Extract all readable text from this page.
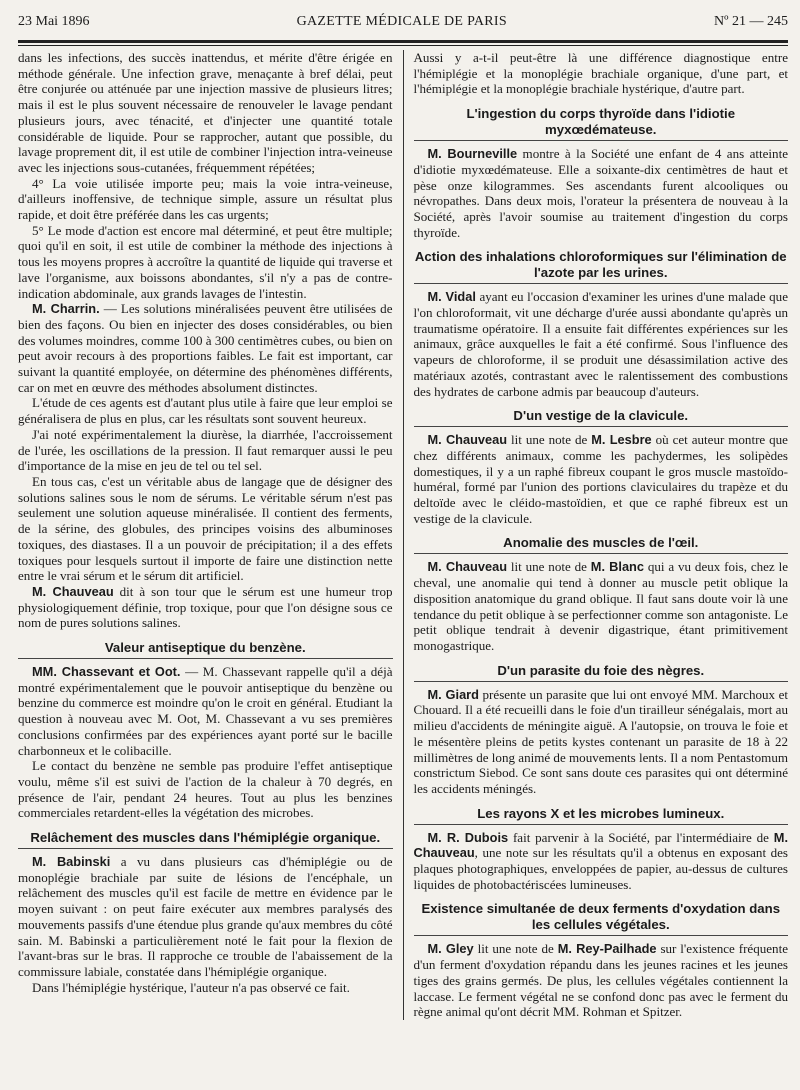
23 Mai 1896	GAZETTE MÉDICALE DE PARIS	Nº 21 — 245

dans les infections, des succès inattendus, et mérite d'être érigée en méthode générale. Une infection grave, menaçante à bref délai, peut être conjurée ou atténuée par une injection massive de plusieurs litres; mais il est le plus souvent nécessaire de renouveler le lavage pendant plusieurs jours, avec ténacité, et d'injecter une quantité totale considérable de liquide. Pour se rapprocher, autant que possible, du lavage proprement dit, il est utile de combiner l'injection intra-veineuse avec les injections sous-cutanées, fréquemment répétées;

4° La voie utilisée importe peu; mais la voie intra-veineuse, d'ailleurs inoffensive, de technique simple, assure un résultat plus rapide, et doit être préférée dans les cas urgents;

5° Le mode d'action est encore mal déterminé, et peut être multiple; quoi qu'il en soit, il est utile de combiner la méthode des injections à tous les moyens propres à accroître la quantité de liquide qui traverse et lave l'organisme, aux boissons abondantes, s'il n'y a pas de contre-indication abdominale, aux grands lavages de l'intestin.

M. Charrin. — Les solutions minéralisées peuvent être utilisées de bien des façons. Ou bien en injecter des doses considérables, ou bien des volumes moindres, comme 100 à 300 centimètres cubes, ou bien on peut avoir recours à des proportions faibles. Le fait est important, car suivant la quantité employée, on détermine des phénomènes différents, car on met en œuvre des méthodes absolument distinctes.

L'étude de ces agents est d'autant plus utile à faire que leur emploi se généralisera de plus en plus, car les résultats sont souvent heureux.

J'ai noté expérimentalement la diurèse, la diarrhée, l'accroissement de l'urée, les oscillations de la pression. Il faut remarquer aussi le peu d'importance de la mise en jeu de tel ou tel sel.

En tous cas, c'est un véritable abus de langage que de désigner des solutions salines sous le nom de sérums. Le véritable sérum n'est pas seulement une solution aqueuse minéralisée. Il contient des ferments, de la sérine, des globules, des principes voisins des albuminoses toxiques, des diastases. Il a un pouvoir de précipitation; il a des effets toxiques pour lesquels surtout il importe de faire une distinction nette entre le vrai sérum et le sérum dit artificiel.

M. Chauveau dit à son tour que le sérum est une humeur trop physiologiquement définie, trop toxique, pour que l'on désigne sous ce nom de pures solutions salines.

Valeur antiseptique du benzène.

MM. Chassevant et Oot. — M. Chassevant rappelle qu'il a déjà montré expérimentalement que le pouvoir antiseptique du benzène ou benzine du commerce est moindre qu'on le croit en général. Etudiant la question à nouveau avec M. Oot, M. Chassevant a vu ses premières conclusions confirmées par des expériences ayant porté sur le bacille charbonneux et le colibacille.

Le contact du benzène ne semble pas produire l'effet antiseptique voulu, même s'il est suivi de l'action de la chaleur à 70 degrés, en présence de l'air, pendant 24 heures. Tout au plus les benzines commerciales retardent-elles la végétation des microbes.

Relâchement des muscles dans l'hémiplégie organique.

M. Babinski a vu dans plusieurs cas d'hémiplégie ou de monoplégie brachiale par suite de lésions de l'encéphale, un relâchement des muscles qu'il est facile de mettre en évidence par le moyen suivant : on peut faire exécuter aux membres paralysés des mouvements passifs d'une étendue plus grande qu'aux membres du côté sain. M. Babinski a particulièrement noté le fait pour la flexion de l'avant-bras sur le bras. Il rapproche ce trouble de l'abaissement de la commissure labiale, constatée dans l'hémiplégie organique.

Dans l'hémiplégie hystérique, l'auteur n'a pas observé ce fait.

Aussi y a-t-il peut-être là une différence diagnostique entre l'hémiplégie et la monoplégie brachiale organique, d'une part, et l'hémiplégie et la monoplégie brachiale hystérique, d'autre part.

L'ingestion du corps thyroïde dans l'idiotie myxœdémateuse.

M. Bourneville montre à la Société une enfant de 4 ans atteinte d'idiotie myxœdémateuse. Elle a soixante-dix centimètres de haut et pèse onze kilogrammes. Ses ascendants furent alcooliques ou névropathes. Dans deux mois, l'orateur la présentera de nouveau à la Société, après l'avoir soumise au traitement d'ingestion du corps thyroïde.

Action des inhalations chloroformiques sur l'élimination de l'azote par les urines.

M. Vidal ayant eu l'occasion d'examiner les urines d'une malade que l'on chloroformait, vit une décharge d'urée aussi abondante qu'après un traumatisme opératoire. Il a ensuite fait différentes expériences sur les animaux, grâce auxquelles le fait a été confirmé. Sous l'influence des vapeurs de chloroforme, il se produit une désassimilation active des matériaux azotés, contrastant avec le ralentissement des combustions des hydrates de carbone admis par beaucoup d'auteurs.

D'un vestige de la clavicule.

M. Chauveau lit une note de M. Lesbre où cet auteur montre que chez différents animaux, comme les pachydermes, les solipèdes domestiques, il y a un raphé fibreux coupant le gros muscle mastoïdo-huméral, formé par l'union des portions claviculaires du trapèze et du deltoïde avec le cléido-mastoïdien, et que ce raphé fibreux est un vestige de la clavicule.

Anomalie des muscles de l'œil.

M. Chauveau lit une note de M. Blanc qui a vu deux fois, chez le cheval, une anomalie qui tend à donner au muscle petit oblique la disposition anatomique du grand oblique. Il faut sans doute voir là une tendance du petit oblique à se perfectionner comme son antagoniste. Le petit oblique tendrait à devenir digastrique, étant primitivement monogastrique.

D'un parasite du foie des nègres.

M. Giard présente un parasite que lui ont envoyé MM. Marchoux et Chouard. Il a été recueilli dans le foie d'un tirailleur sénégalais, mort au milieu d'accidents de méningite aiguë. A l'autopsie, on trouva le foie et le mésentère pleins de petits kystes contenant un parasite de 18 à 22 millimètres de long animé de mouvements lents. Il a nom Pentastomum constrictum Siebod. Ce sont sans doute ces parasites qui ont déterminé les accidents méningés.

Les rayons X et les microbes lumineux.

M. R. Dubois fait parvenir à la Société, par l'intermédiaire de M. Chauveau, une note sur les résultats qu'il a obtenus en exposant des plaques photographiques, enveloppées de papier, au-dessus de cultures liquides de photobactériscées lumineuses.

Existence simultanée de deux ferments d'oxydation dans les cellules végétales.

M. Gley lit une note de M. Rey-Pailhade sur l'existence fréquente d'un ferment d'oxydation répandu dans les jeunes racines et les jeunes tiges des grains germés. De plus, les cellules végétales contiennent la laccase. Le ferment végétal ne se confond donc pas avec le ferment du règne animal qu'ont décrit MM. Rohman et Spitzer.
